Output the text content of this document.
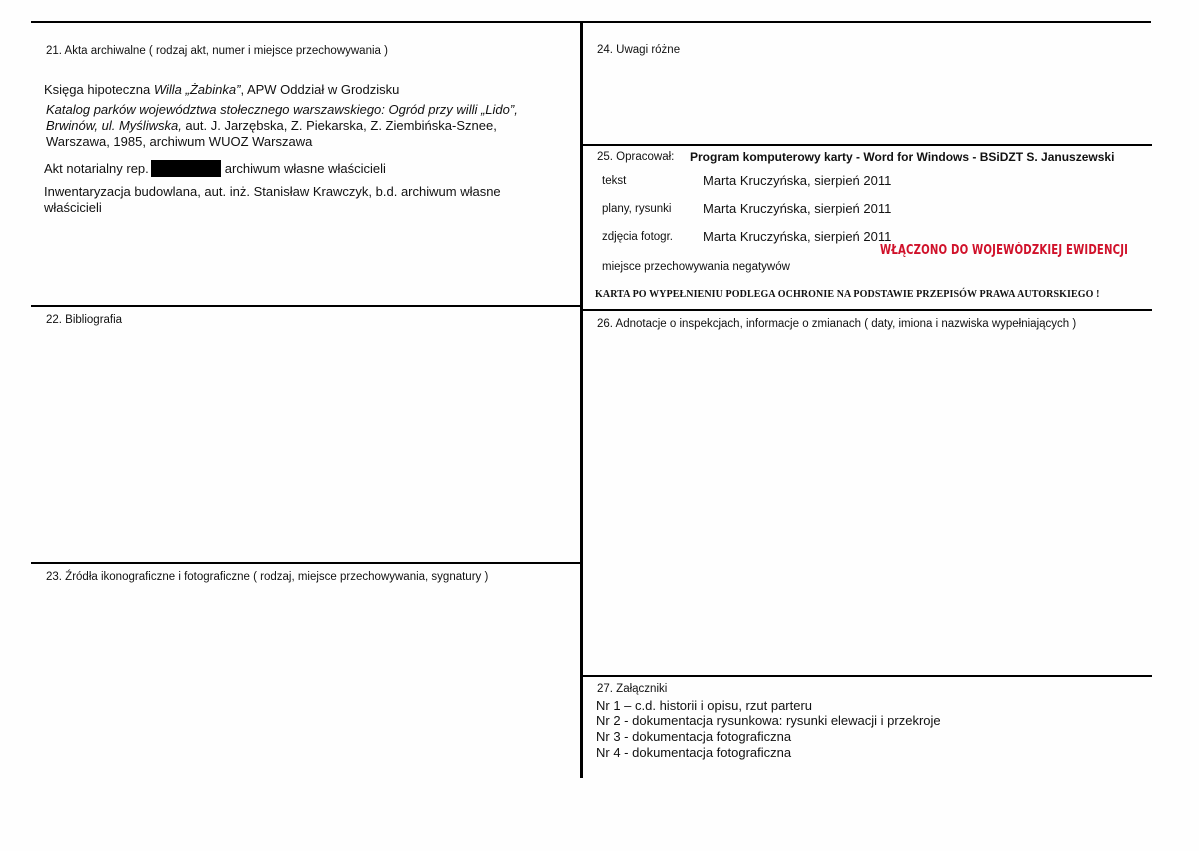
21. Akta archiwalne ( rodzaj akt, numer i miejsce przechowywania )
Księga hipoteczna Willa „Żabinka”, APW Oddział w Grodzisku
Katalog parków województwa stołecznego warszawskiego: Ogród przy willi „Lido”,
Brwinów, ul. Myśliwska, aut. J. Jarzębska, Z. Piekarska, Z. Ziembińska-Sznee,
Warszawa, 1985, archiwum WUOZ Warszawa
Akt notarialny rep.	archiwum własne właścicieli
Inwentaryzacja budowlana, aut. inż. Stanisław Krawczyk, b.d. archiwum własne
właścicieli
22. Bibliografia
23. Źródła ikonograficzne i fotograficzne ( rodzaj, miejsce przechowywania, sygnatury )
24. Uwagi różne
25. Opracował: Program komputerowy karty - Word for Windows - BSiDZT S. Januszewski
tekst	Marta Kruczyńska, sierpień 2011
plany, rysunki Marta Kruczyńska, sierpień 2011
zdjęcia fotogr. Marta Kruczyńska, sierpień 2011
WŁĄCZONO DO WOJEWÓDZKIEJ EWIDENCJI
miejsce przechowywania negatywów
KARTA PO WYPEŁNIENIU PODLEGA OCHRONIE NA PODSTAWIE PRZEPISÓW PRAWA AUTORSKIEGO !
26. Adnotacje o inspekcjach, informacje o zmianach ( daty, imiona i nazwiska wypełniających )
27. Załączniki
Nr 1 – c.d. historii i opisu, rzut parteru
Nr 2 - dokumentacja rysunkowa: rysunki elewacji i przekroje
Nr 3 - dokumentacja fotograficzna
Nr 4 - dokumentacja fotograficzna
